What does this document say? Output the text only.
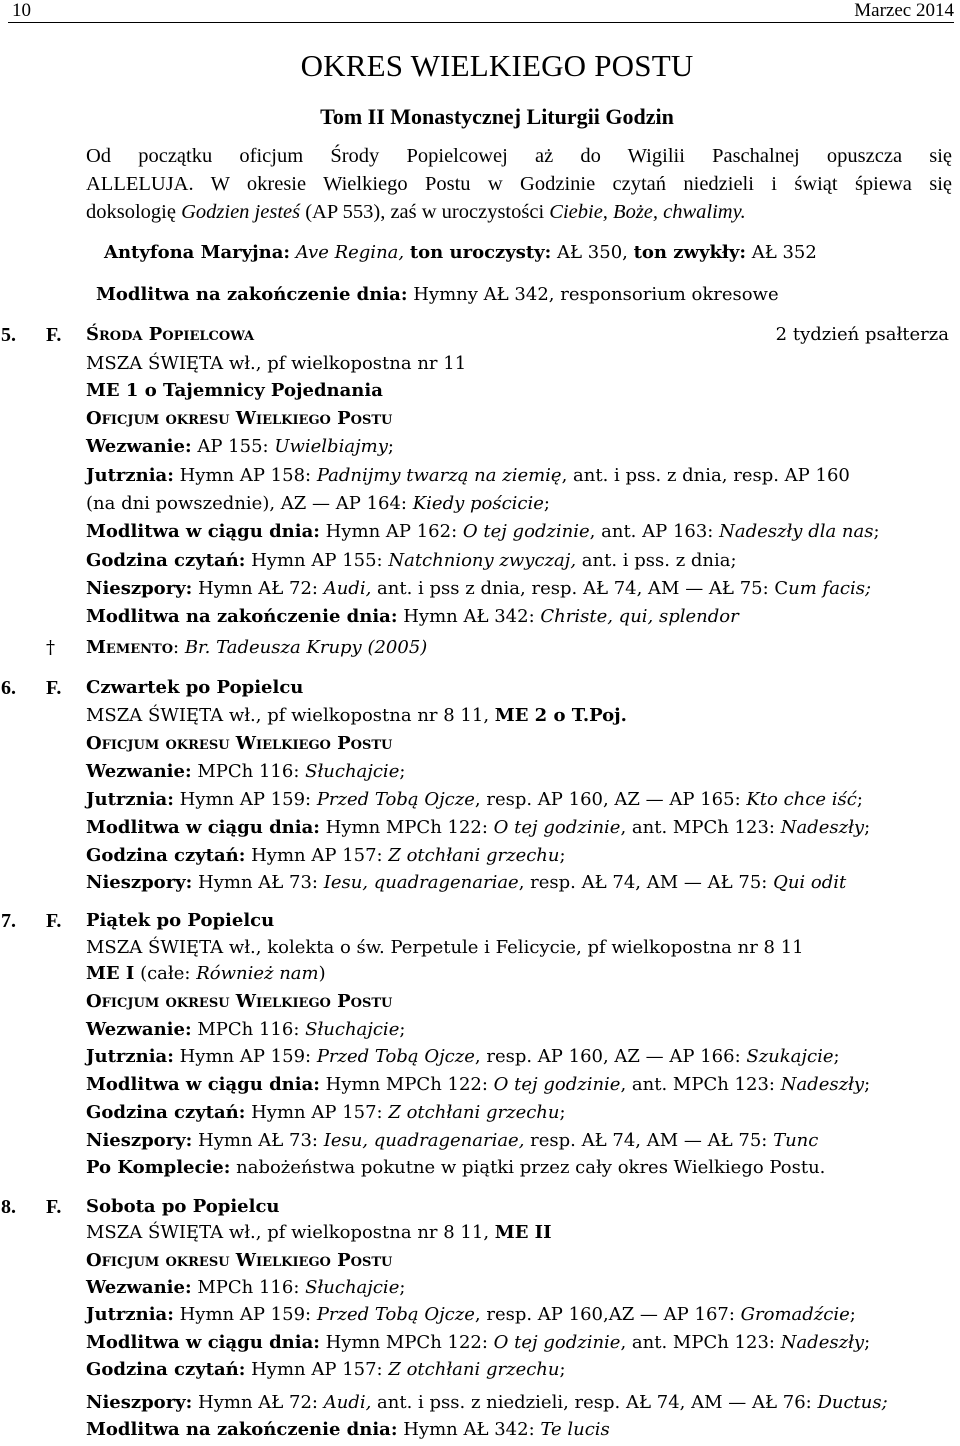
10	Marzec 2014
OKRES WIELKIEGO POSTU
Tom II Monastycznej Liturgii Godzin
Od początku oficjum Środy Popielcowej aż do Wigilii Paschalnej opuszcza się
ALLELUJA. W okresie Wielkiego Postu w Godzinie czytań niedzieli i świąt śpiewa się
doksologię Godzien jesteś (AP 553), zaś w uroczystości Ciebie, Boże, chwalimy.
Antyfona Maryjna: Ave Regina, ton uroczysty: AŁ 350, ton zwykły: AŁ 352
Modlitwa na zakończenie dnia: Hymny AŁ 342, responsorium okresowe
5. F. Środa Popielcowa	2 tydzień psałterza
MSZA ŚWIĘTA wł., pf wielkopostna nr 11
ME 1 o Tajemnicy Pojednania
Oficjum okresu Wielkiego Postu
Wezwanie: AP 155: Uwielbiajmy;
Jutrznia: Hymn AP 158: Padnijmy twarzą na ziemię, ant. i pss. z dnia, resp. AP 160
(na dni powszednie), AZ — AP 164: Kiedy pościcie;
Modlitwa w ciągu dnia: Hymn AP 162: O tej godzinie, ant. AP 163: Nadeszły dla nas;
Godzina czytań: Hymn AP 155: Natchniony zwyczaj, ant. i pss. z dnia;
Nieszpory: Hymn AŁ 72: Audi, ant. i pss z dnia, resp. AŁ 74, AM — AŁ 75: Cum facis;
Modlitwa na zakończenie dnia: Hymn AŁ 342: Christe, qui, splendor
† Memento: Br. Tadeusza Krupy (2005)
6. F. Czwartek po Popielcu
MSZA ŚWIĘTA wł., pf wielkopostna nr 8 11, ME 2 o T.Poj.
Oficjum okresu Wielkiego Postu
Wezwanie: MPCh 116: Słuchajcie;
Jutrznia: Hymn AP 159: Przed Tobą Ojcze, resp. AP 160, AZ — AP 165: Kto chce iść;
Modlitwa w ciągu dnia: Hymn MPCh 122: O tej godzinie, ant. MPCh 123: Nadeszły;
Godzina czytań: Hymn AP 157: Z otchłani grzechu;
Nieszpory: Hymn AŁ 73: Iesu, quadragenariae, resp. AŁ 74, AM — AŁ 75: Qui odit
7. F. Piątek po Popielcu
MSZA ŚWIĘTA wł., kolekta o św. Perpetule i Felicycie, pf wielkopostna nr 8 11
ME I (całe: Również nam)
Oficjum okresu Wielkiego Postu
Wezwanie: MPCh 116: Słuchajcie;
Jutrznia: Hymn AP 159: Przed Tobą Ojcze, resp. AP 160, AZ — AP 166: Szukajcie;
Modlitwa w ciągu dnia: Hymn MPCh 122: O tej godzinie, ant. MPCh 123: Nadeszły;
Godzina czytań: Hymn AP 157: Z otchłani grzechu;
Nieszpory: Hymn AŁ 73: Iesu, quadragenariae, resp. AŁ 74, AM — AŁ 75: Tunc
Po Komplecie: nabożeństwa pokutne w piątki przez cały okres Wielkiego Postu.
8. F. Sobota po Popielcu
MSZA ŚWIĘTA wł., pf wielkopostna nr 8 11, ME II
Oficjum okresu Wielkiego Postu
Wezwanie: MPCh 116: Słuchajcie;
Jutrznia: Hymn AP 159: Przed Tobą Ojcze, resp. AP 160,AZ — AP 167: Gromadźcie;
Modlitwa w ciągu dnia: Hymn MPCh 122: O tej godzinie, ant. MPCh 123: Nadeszły;
Godzina czytań: Hymn AP 157: Z otchłani grzechu;
Nieszpory: Hymn AŁ 72: Audi, ant. i pss. z niedzieli, resp. AŁ 74, AM — AŁ 76: Ductus;
Modlitwa na zakończenie dnia: Hymn AŁ 342: Te lucis
